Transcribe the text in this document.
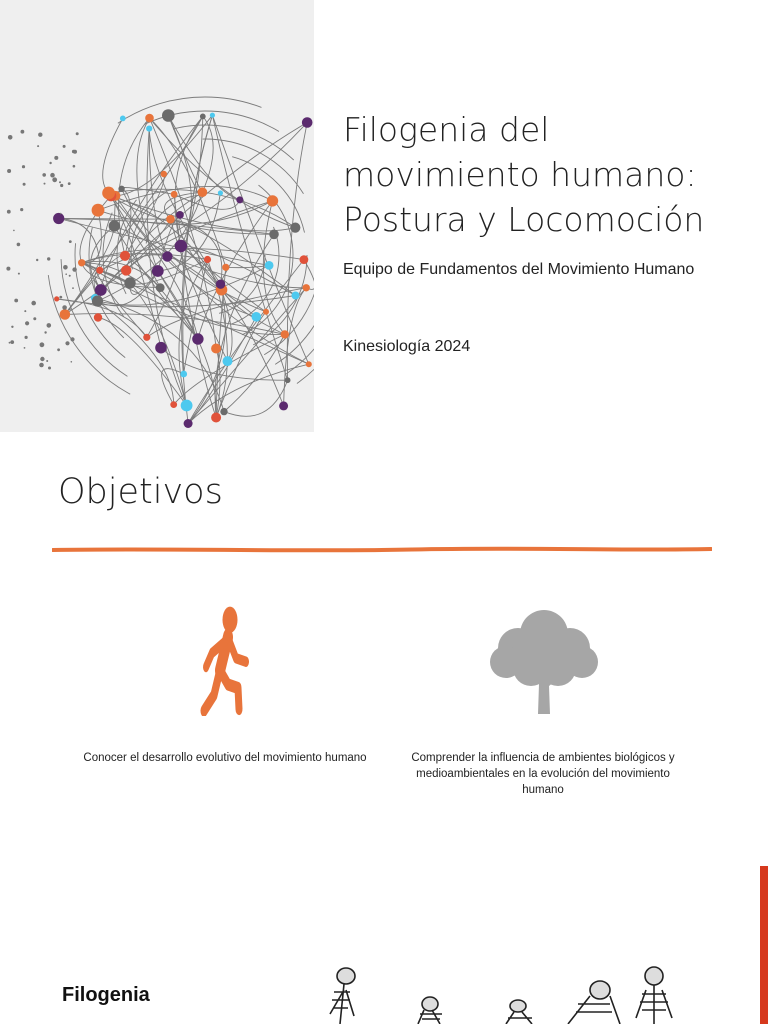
Filogenia del
movimiento humano:
Postura y Locomoción

Equipo de Fundamentos del Movimiento Humano

Kinesiología 2024

Objetivos

Conocer el desarrollo evolutivo del movimiento humano	Comprender la influencia de ambientes biológicos y medioambientales en la evolución del movimiento humano

Filogenia
